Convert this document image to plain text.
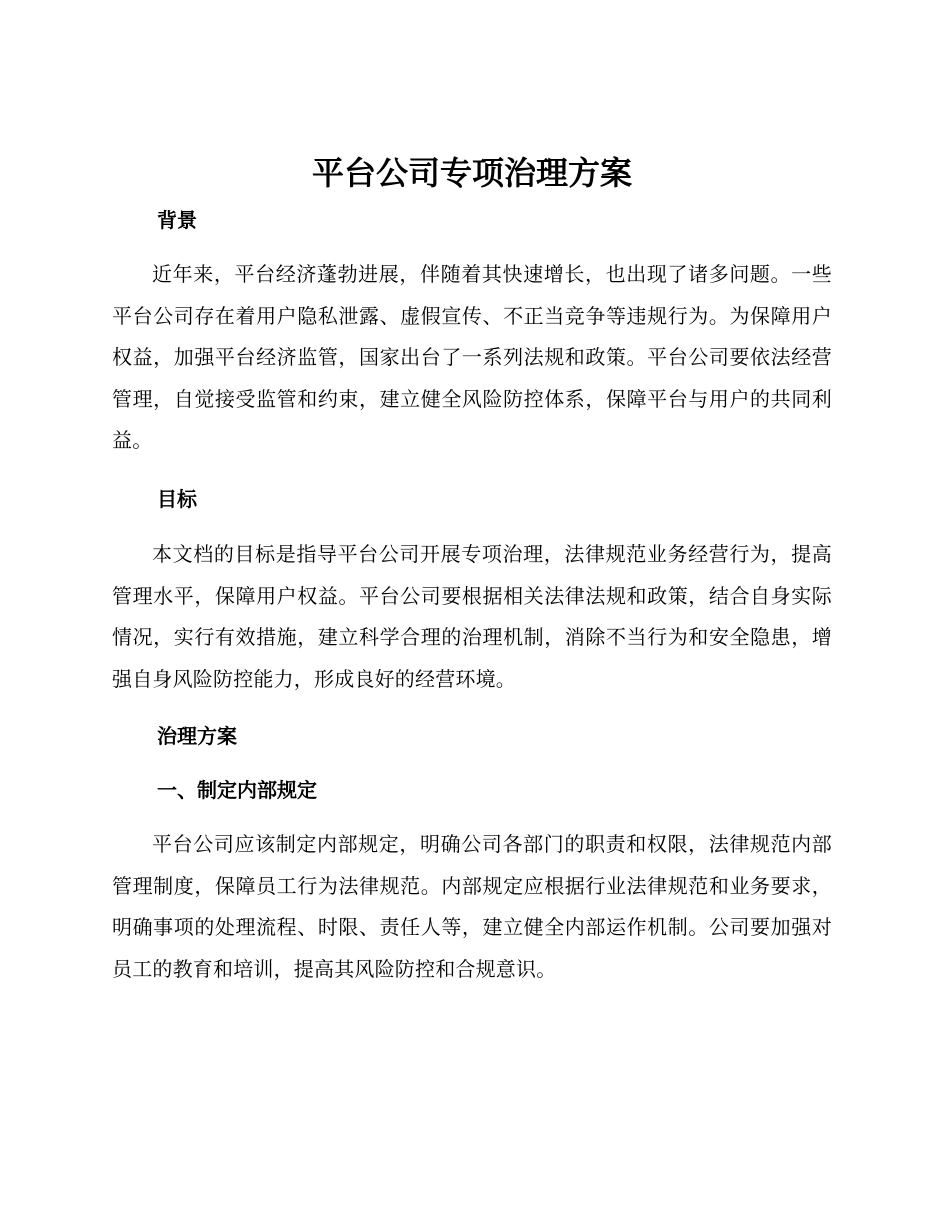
平台公司专项治理方案
背景

近年来，平台经济蓬勃进展，伴随着其快速增长，也出现了诸多问题。一些平台公司存在着用户隐私泄露、虚假宣传、不正当竞争等违规行为。为保障用户权益，加强平台经济监管，国家出台了一系列法规和政策。平台公司要依法经营管理，自觉接受监管和约束，建立健全风险防控体系，保障平台与用户的共同利益。

目标

本文档的目标是指导平台公司开展专项治理，法律规范业务经营行为，提高管理水平，保障用户权益。平台公司要根据相关法律法规和政策，结合自身实际情况，实行有效措施，建立科学合理的治理机制，消除不当行为和安全隐患，增强自身风险防控能力，形成良好的经营环境。

治理方案
一、制定内部规定

平台公司应该制定内部规定，明确公司各部门的职责和权限，法律规范内部管理制度，保障员工行为法律规范。内部规定应根据行业法律规范和业务要求，明确事项的处理流程、时限、责任人等，建立健全内部运作机制。公司要加强对员工的教育和培训，提高其风险防控和合规意识。
